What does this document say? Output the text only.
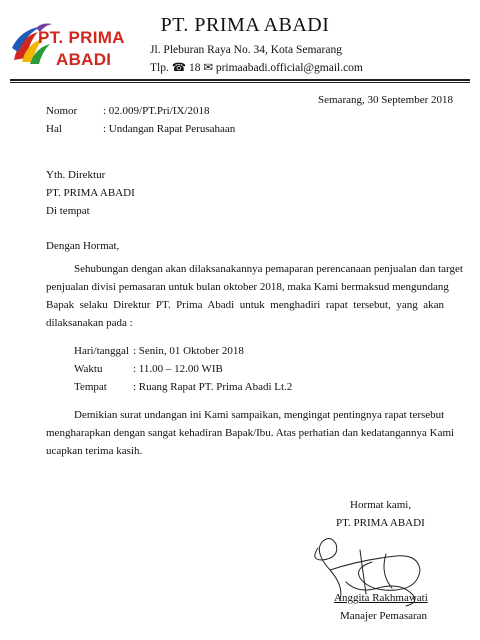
PT. PRIMA
ABADI
PT. PRIMA ABADI
Jl. Pleburan Raya No. 34, Kota Semarang
Tlp. ☎ 18 ✉ primaabadi.official@gmail.com
Semarang, 30 September 2018
Nomor : 02.009/PT.Pri/IX/2018
Hal	: Undangan Rapat Perusahaan
Yth. Direktur
PT. PRIMA ABADI
Di tempat
Dengan Hormat,
Sehubungan dengan akan dilaksanakannya pemaparan perencanaan penjualan dan target
penjualan divisi pemasaran untuk bulan oktober 2018, maka Kami bermaksud mengundang
Bapak selaku Direktur PT. Prima Abadi untuk menghadiri rapat tersebut, yang akan
dilaksanakan pada :
Hari/tanggal : Senin, 01 Oktober 2018
Waktu	: 11.00 – 12.00 WIB
Tempat : Ruang Rapat PT. Prima Abadi Lt.2
Demikian surat undangan ini Kami sampaikan, mengingat pentingnya rapat tersebut
mengharapkan dengan sangat kehadiran Bapak/Ibu. Atas perhatian dan kedatangannya Kami
ucapkan terima kasih.
Hormat kami,
PT. PRIMA ABADI
Anggita Rakhmawati
Manajer Pemasaran
